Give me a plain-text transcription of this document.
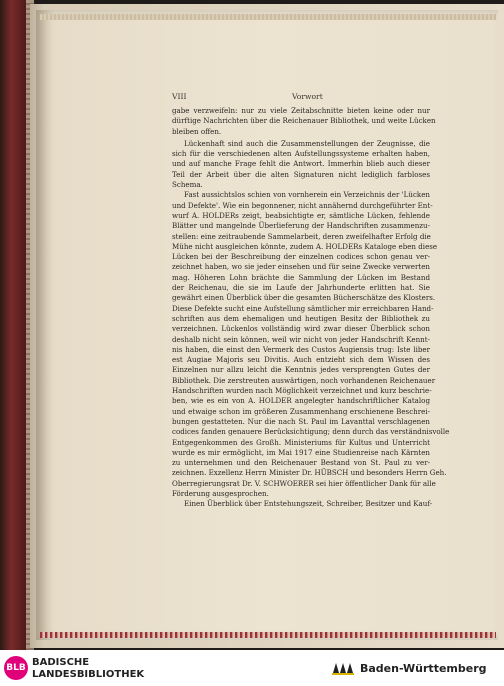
VIII	Vorwort

gabe verzweifeln: nur zu viele Zeitabschnitte bieten keine oder nur
dürftige Nachrichten über die Reichenauer Bibliothek, und weite Lücken
bleiben offen.

Lückenhaft sind auch die Zusammenstellungen der Zeugnisse, die
sich für die verschiedenen alten Aufstellungssysteme erhalten haben,
und auf manche Frage fehlt die Antwort. Immerhin blieb auch dieser
Teil der Arbeit über die alten Signaturen nicht lediglich farbloses
Schema.

Fast aussichtslos schien von vornherein ein Verzeichnis der 'Lücken
und Defekte'. Wie ein begonnener, nicht annähernd durchgeführter Ent-
wurf A. HOLDERs zeigt, beabsichtigte er, sämtliche Lücken, fehlende
Blätter und mangelnde Überlieferung der Handschriften zusammenzu-
stellen: eine zeitraubende Sammelarbeit, deren zweifelhafter Erfolg die
Mühe nicht ausgleichen könnte, zudem A. HOLDERs Kataloge eben diese
Lücken bei der Beschreibung der einzelnen codices schon genau ver-
zeichnet haben, wo sie jeder einsehen und für seine Zwecke verwerten
mag. Höheren Lohn brächte die Sammlung der Lücken im Bestand
der Reichenau, die sie im Laufe der Jahrhunderte erlitten hat. Sie
gewährt einen Überblick über die gesamten Bücherschätze des Klosters.
Diese Defekte sucht eine Aufstellung sämtlicher mir erreichbaren Hand-
schriften aus dem ehemaligen und heutigen Besitz der Bibliothek zu
verzeichnen. Lückenlos vollständig wird zwar dieser Überblick schon
deshalb nicht sein können, weil wir nicht von jeder Handschrift Kennt-
nis haben, die einst den Vermerk des Custos Augiensis trug: Iste liber
est Augiae Majoris seu Divitis. Auch entzieht sich dem Wissen des
Einzelnen nur allzu leicht die Kenntnis jedes versprengten Gutes der
Bibliothek. Die zerstreuten auswärtigen, noch vorhandenen Reichenauer
Handschriften wurden nach Möglichkeit verzeichnet und kurz beschrie-
ben, wie es ein von A. HOLDER angelegter handschriftlicher Katalog
und etwaige schon im größeren Zusammenhang erschienene Beschrei-
bungen gestatteten. Nur die nach St. Paul im Lavanttal verschlagenen
codices fanden genauere Berücksichtigung; denn durch das verständnisvolle
Entgegenkommen des Großh. Ministeriums für Kultus und Unterricht
wurde es mir ermöglicht, im Mai 1917 eine Studienreise nach Kärnten
zu unternehmen und den Reichenauer Bestand von St. Paul zu ver-
zeichnen. Exzellenz Herrn Minister Dr. HÜBSCH und besonders Herrn Geh.
Oberregierungsrat Dr. V. SCHWOERER sei hier öffentlicher Dank für alle
Förderung ausgesprochen.

Einen Überblick über Entstehungszeit, Schreiber, Besitzer und Kauf-

BLB BADISCHE
LANDESBIBLIOTHEK	Baden-Württemberg
